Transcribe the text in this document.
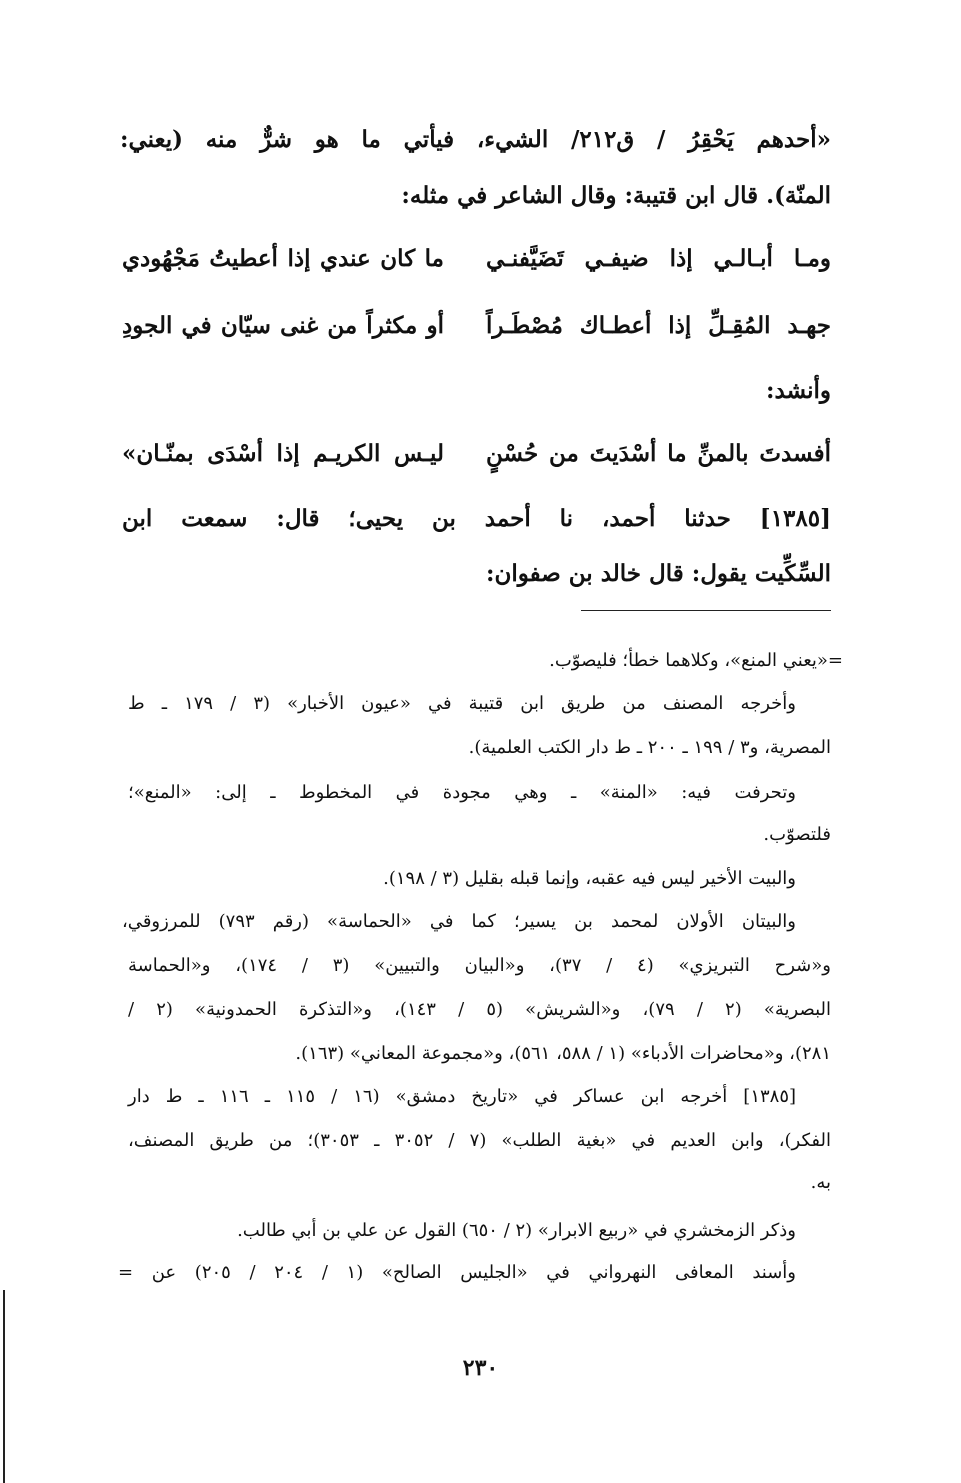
«أحدهم يَحْقِرُ / ق٢١٢/ الشيء، فيأتي ما هو شرٌّ منه (يعني:
المنّة). قال ابن قتيبة: وقال الشاعر في مثله:
ومـا أبـالـي إذا ضيفـي تَضَيَّفنـي
ما كان عندي إذا أعطيتُ مَجْهُودي
جهـد المُقِـلِّ إذا أعطـاك مُصْطَـراً
أو مكثراً من غنى سيّان في الجودِ
وأنشد:
أفسدتَ بالمنِّ ما أسْدَيتَ من حُسْنٍ
ليـس الكريـم إذا أسْدَى بمنّـان»
[١٣٨٥] حدثنا أحمد، نا أحمد بن يحيى؛ قال: سمعت ابن
السِّكِّيت يقول: قال خالد بن صفوان:
=«يعني المنع»، وكلاهما خطأ؛ فليصوّب.
وأخرجه المصنف من طريق ابن قتيبة في «عيون الأخبار» (٣ / ١٧٩ ـ ط
المصرية، و٣ / ١٩٩ ـ ٢٠٠ ـ ط دار الكتب العلمية).
وتحرفت فيه: «المنة» ـ وهي مجودة في المخطوط ـ إلى: «المنع»؛
فلتصوّب.
والبيت الأخير ليس فيه عقبه، وإنما قبله بقليل (٣ / ١٩٨).
والبيتان الأولان لمحمد بن يسير؛ كما في «الحماسة» (رقم ٧٩٣) للمرزوقي،
و«شرح التبريزي» (٤ / ٣٧)، و«البيان والتبيين» (٣ / ١٧٤)، و«الحماسة
البصرية» (٢ / ٧٩)، و«الشريش» (٥ / ١٤٣)، و«التذكرة الحمدونية» (٢ /
٢٨١)، و«محاضرات الأدباء» (١ / ٥٨٨، ٥٦١)، و«مجموعة المعاني» (١٦٣).
[١٣٨٥] أخرجه ابن عساكر في «تاريخ دمشق» (١٦ / ١١٥ ـ ١١٦ ـ ط دار
الفكر)، وابن العديم في «بغية الطلب» (٧ / ٣٠٥٢ ـ ٣٠٥٣)؛ من طريق المصنف،
به.
وذكر الزمخشري في «ربيع الابرار» (٢ / ٦٥٠) القول عن علي بن أبي طالب.
وأسند المعافى النهرواني في «الجليس الصالح» (١ / ٢٠٤ / ٢٠٥) عن =
٢٣٠
